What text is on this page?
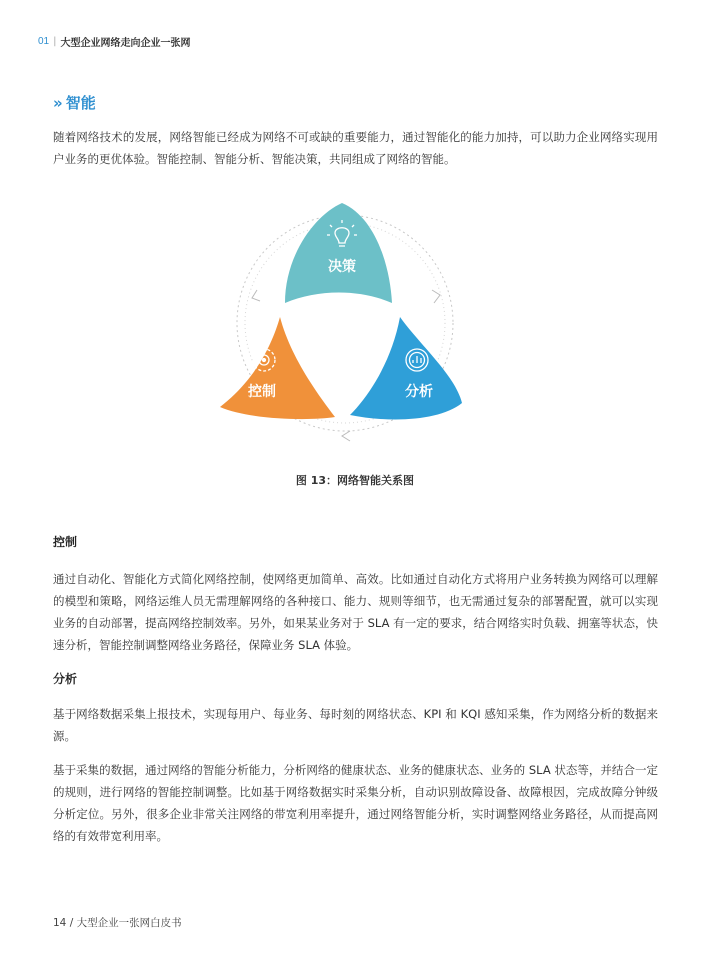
01 | 大型企业网络走向企业一张网
» 智能

随着网络技术的发展，网络智能已经成为网络不可或缺的重要能力，通过智能化的能力加持，可以助力企业网络实现用户业务的更优体验。智能控制、智能分析、智能决策，共同组成了网络的智能。

决策
分析
控制
图 13：网络智能关系图
控制

通过自动化、智能化方式简化网络控制，使网络更加简单、高效。比如通过自动化方式将用户业务转换为网络可以理解的模型和策略，网络运维人员无需理解网络的各种接口、能力、规则等细节，也无需通过复杂的部署配置，就可以实现业务的自动部署，提高网络控制效率。另外，如果某业务对于 SLA 有一定的要求，结合网络实时负载、拥塞等状态，快速分析，智能控制调整网络业务路径，保障业务 SLA 体验。

分析

基于网络数据采集上报技术，实现每用户、每业务、每时刻的网络状态、KPI 和 KQI 感知采集，作为网络分析的数据来源。

基于采集的数据，通过网络的智能分析能力，分析网络的健康状态、业务的健康状态、业务的 SLA 状态等，并结合一定的规则，进行网络的智能控制调整。比如基于网络数据实时采集分析，自动识别故障设备、故障根因，完成故障分钟级分析定位。另外，很多企业非常关注网络的带宽利用率提升，通过网络智能分析，实时调整网络业务路径，从而提高网络的有效带宽利用率。

14 / 大型企业一张网白皮书
